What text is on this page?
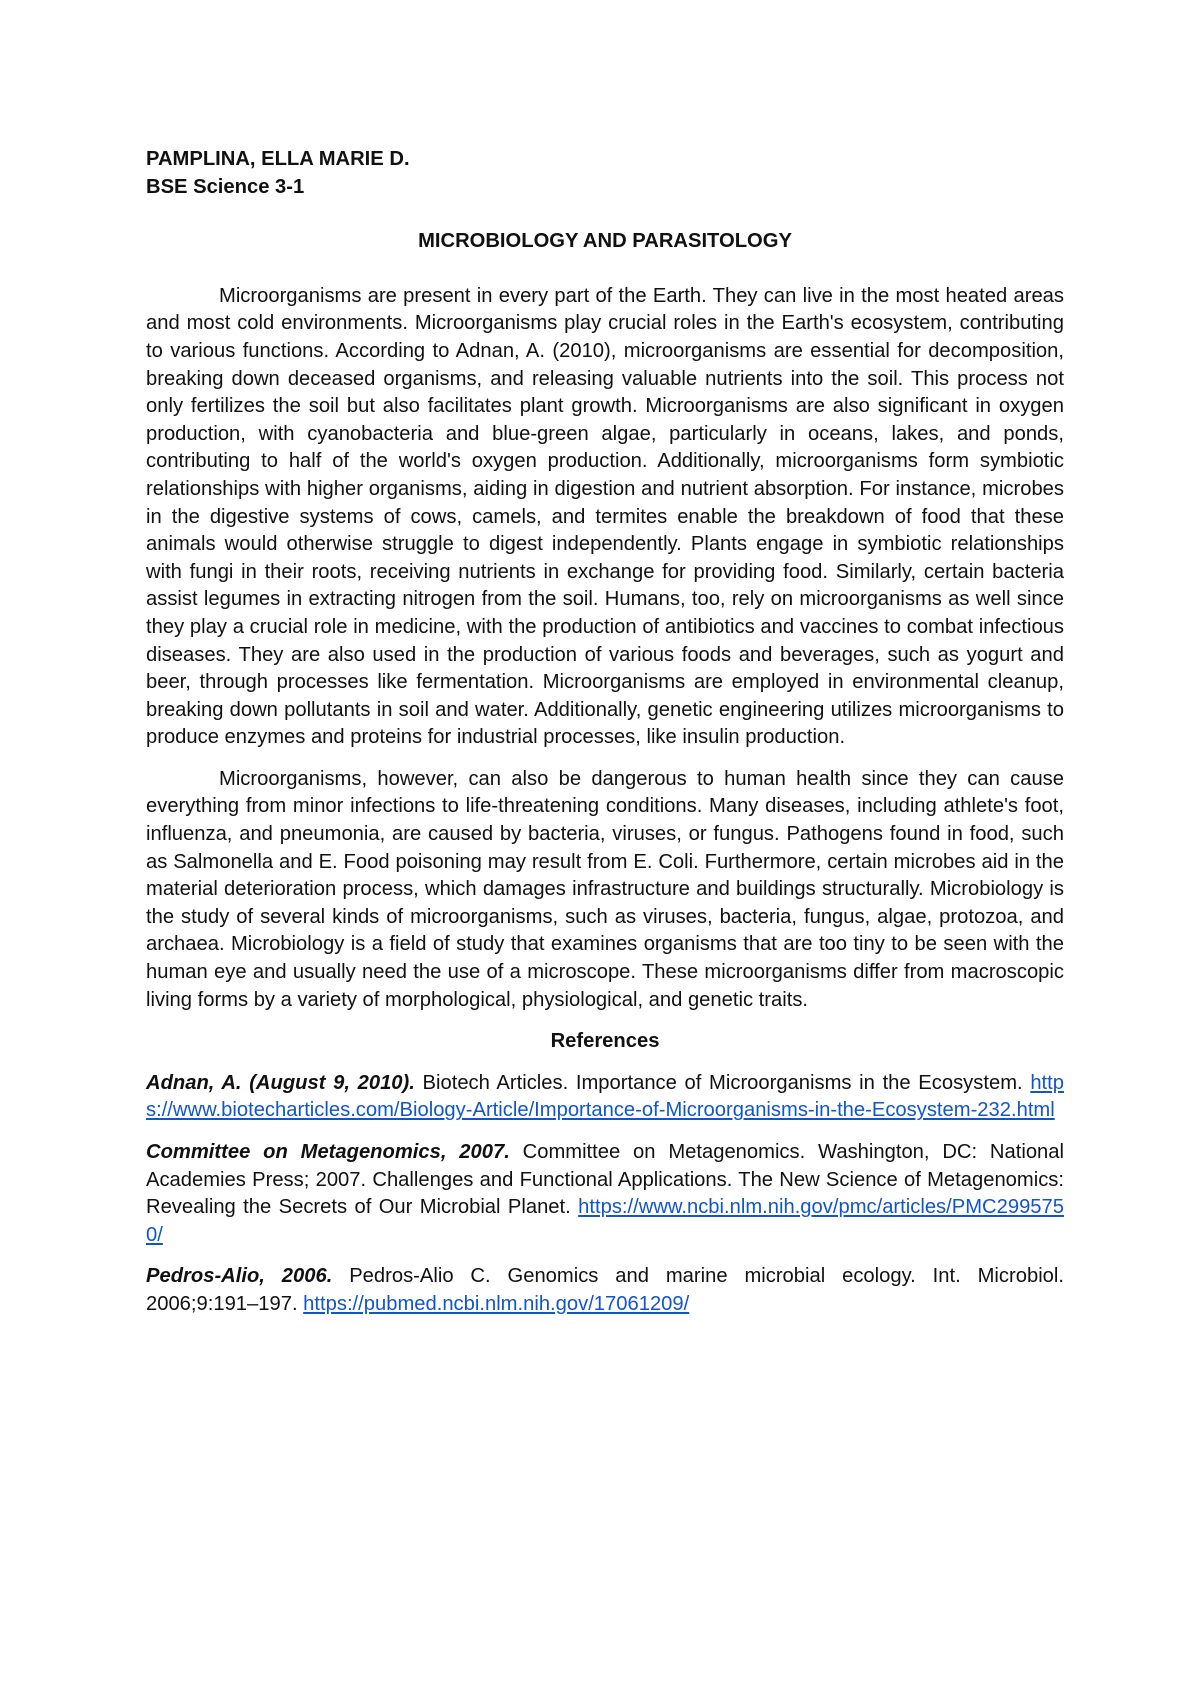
PAMPLINA, ELLA MARIE D.

BSE Science 3-1

MICROBIOLOGY AND PARASITOLOGY

Microorganisms are present in every part of the Earth. They can live in the most heated areas and most cold environments. Microorganisms play crucial roles in the Earth's ecosystem, contributing to various functions. According to Adnan, A. (2010), microorganisms are essential for decomposition, breaking down deceased organisms, and releasing valuable nutrients into the soil. This process not only fertilizes the soil but also facilitates plant growth. Microorganisms are also significant in oxygen production, with cyanobacteria and blue-green algae, particularly in oceans, lakes, and ponds, contributing to half of the world's oxygen production. Additionally, microorganisms form symbiotic relationships with higher organisms, aiding in digestion and nutrient absorption. For instance, microbes in the digestive systems of cows, camels, and termites enable the breakdown of food that these animals would otherwise struggle to digest independently. Plants engage in symbiotic relationships with fungi in their roots, receiving nutrients in exchange for providing food. Similarly, certain bacteria assist legumes in extracting nitrogen from the soil. Humans, too, rely on microorganisms as well since they play a crucial role in medicine, with the production of antibiotics and vaccines to combat infectious diseases. They are also used in the production of various foods and beverages, such as yogurt and beer, through processes like fermentation. Microorganisms are employed in environmental cleanup, breaking down pollutants in soil and water. Additionally, genetic engineering utilizes microorganisms to produce enzymes and proteins for industrial processes, like insulin production.

Microorganisms, however, can also be dangerous to human health since they can cause everything from minor infections to life-threatening conditions. Many diseases, including athlete's foot, influenza, and pneumonia, are caused by bacteria, viruses, or fungus. Pathogens found in food, such as Salmonella and E. Food poisoning may result from E. Coli. Furthermore, certain microbes aid in the material deterioration process, which damages infrastructure and buildings structurally. Microbiology is the study of several kinds of microorganisms, such as viruses, bacteria, fungus, algae, protozoa, and archaea. Microbiology is a field of study that examines organisms that are too tiny to be seen with the human eye and usually need the use of a microscope. These microorganisms differ from macroscopic living forms by a variety of morphological, physiological, and genetic traits.

References

Adnan, A. (August 9, 2010). Biotech Articles. Importance of Microorganisms in the Ecosystem. https://www.biotecharticles.com/Biology-Article/Importance-of-Microorganisms-in-the-Ecosystem-232.html

Committee on Metagenomics, 2007. Committee on Metagenomics. Washington, DC: National Academies Press; 2007. Challenges and Functional Applications. The New Science of Metagenomics: Revealing the Secrets of Our Microbial Planet. https://www.ncbi.nlm.nih.gov/pmc/articles/PMC2995750/

Pedros-Alio, 2006. Pedros-Alio C. Genomics and marine microbial ecology. Int. Microbiol. 2006;9:191–197. https://pubmed.ncbi.nlm.nih.gov/17061209/
